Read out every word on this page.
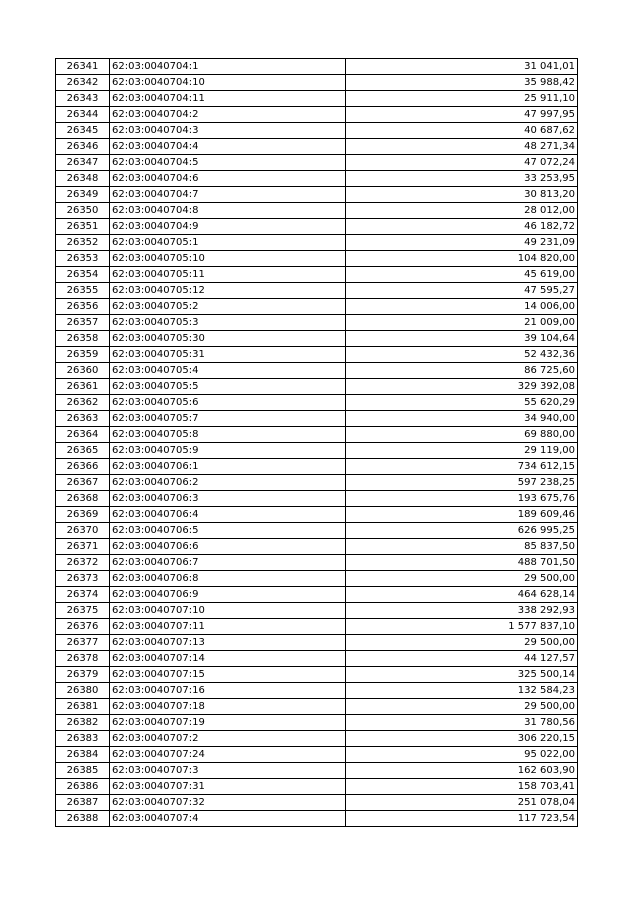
26341	62:03:0040704:1	31 041,01
26342	62:03:0040704:10	35 988,42
26343	62:03:0040704:11	25 911,10
26344	62:03:0040704:2	47 997,95
26345	62:03:0040704:3	40 687,62
26346	62:03:0040704:4	48 271,34
26347	62:03:0040704:5	47 072,24
26348	62:03:0040704:6	33 253,95
26349	62:03:0040704:7	30 813,20
26350	62:03:0040704:8	28 012,00
26351	62:03:0040704:9	46 182,72
26352	62:03:0040705:1	49 231,09
26353	62:03:0040705:10	104 820,00
26354	62:03:0040705:11	45 619,00
26355	62:03:0040705:12	47 595,27
26356	62:03:0040705:2	14 006,00
26357	62:03:0040705:3	21 009,00
26358	62:03:0040705:30	39 104,64
26359	62:03:0040705:31	52 432,36
26360	62:03:0040705:4	86 725,60
26361	62:03:0040705:5	329 392,08
26362	62:03:0040705:6	55 620,29
26363	62:03:0040705:7	34 940,00
26364	62:03:0040705:8	69 880,00
26365	62:03:0040705:9	29 119,00
26366	62:03:0040706:1	734 612,15
26367	62:03:0040706:2	597 238,25
26368	62:03:0040706:3	193 675,76
26369	62:03:0040706:4	189 609,46
26370	62:03:0040706:5	626 995,25
26371	62:03:0040706:6	85 837,50
26372	62:03:0040706:7	488 701,50
26373	62:03:0040706:8	29 500,00
26374	62:03:0040706:9	464 628,14
26375	62:03:0040707:10	338 292,93
26376	62:03:0040707:11	1 577 837,10
26377	62:03:0040707:13	29 500,00
26378	62:03:0040707:14	44 127,57
26379	62:03:0040707:15	325 500,14
26380	62:03:0040707:16	132 584,23
26381	62:03:0040707:18	29 500,00
26382	62:03:0040707:19	31 780,56
26383	62:03:0040707:2	306 220,15
26384	62:03:0040707:24	95 022,00
26385	62:03:0040707:3	162 603,90
26386	62:03:0040707:31	158 703,41
26387	62:03:0040707:32	251 078,04
26388	62:03:0040707:4	117 723,54
